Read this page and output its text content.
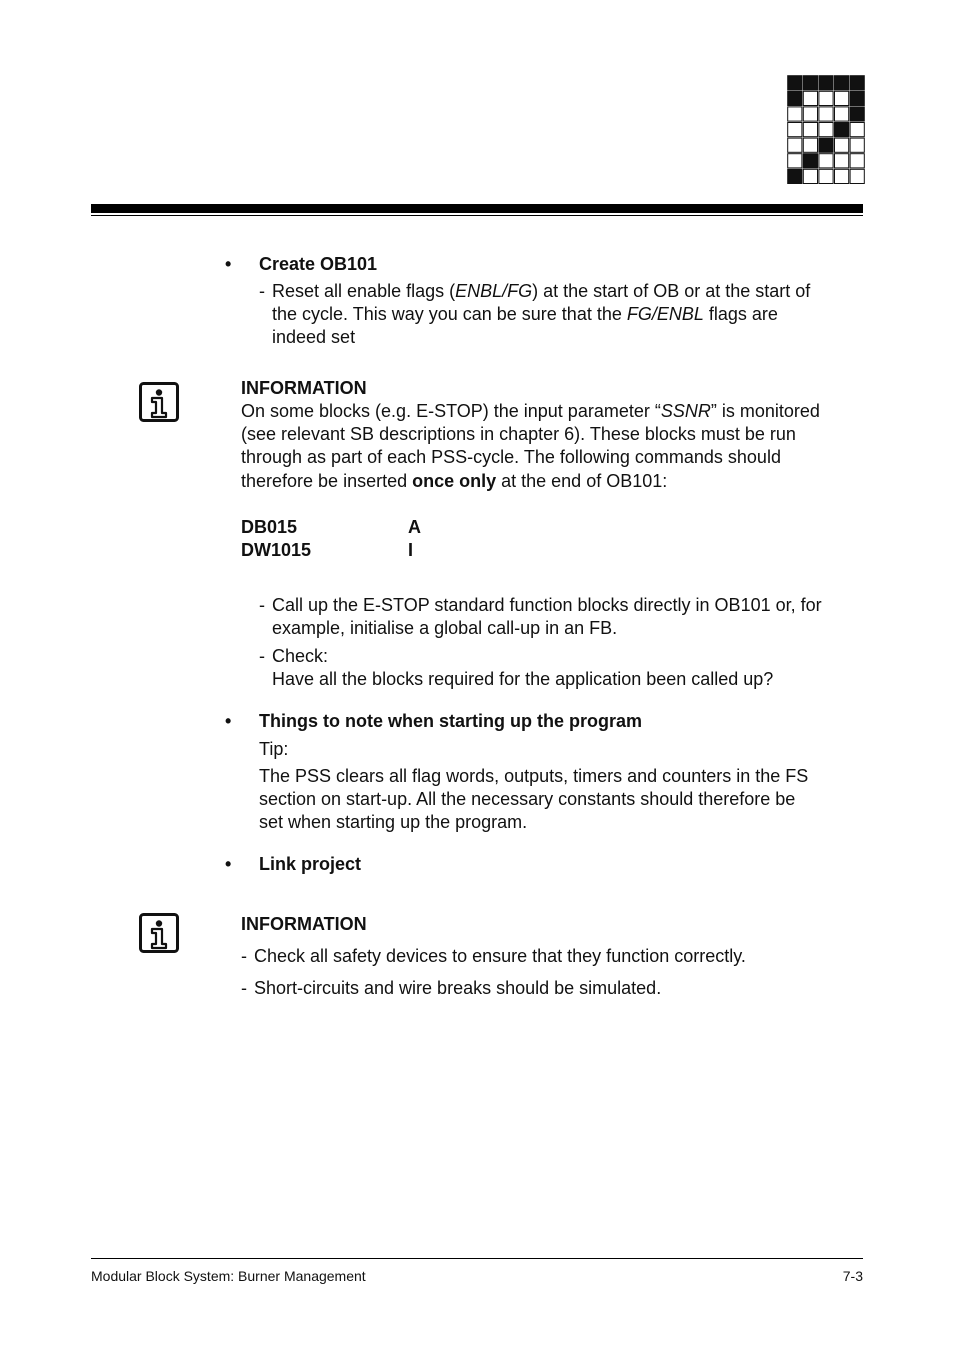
•	Create OB101
- Reset all enable flags (ENBL/FG) at the start of OB or at the start of
the cycle. This way you can be sure that the FG/ENBL flags are
indeed set
INFORMATION
On some blocks (e.g. E-STOP) the input parameter “SSNR” is monitored
(see relevant SB descriptions in chapter 6). These blocks must be run
through as part of each PSS-cycle. The following commands should
therefore be inserted once only at the end of OB101:
DB015	A
DW1015	I
- Call up the E-STOP standard function blocks directly in OB101 or, for
example, initialise a global call-up in an FB.
- Check:
Have all the blocks required for the application been called up?
•	Things to note when starting up the program
Tip:
The PSS clears all flag words, outputs, timers and counters in the FS
section on start-up. All the necessary constants should therefore be
set when starting up the program.
•	Link project
INFORMATION
- Check all safety devices to ensure that they function correctly.
- Short-circuits and wire breaks should be simulated.
Modular Block System: Burner Management	7-3
